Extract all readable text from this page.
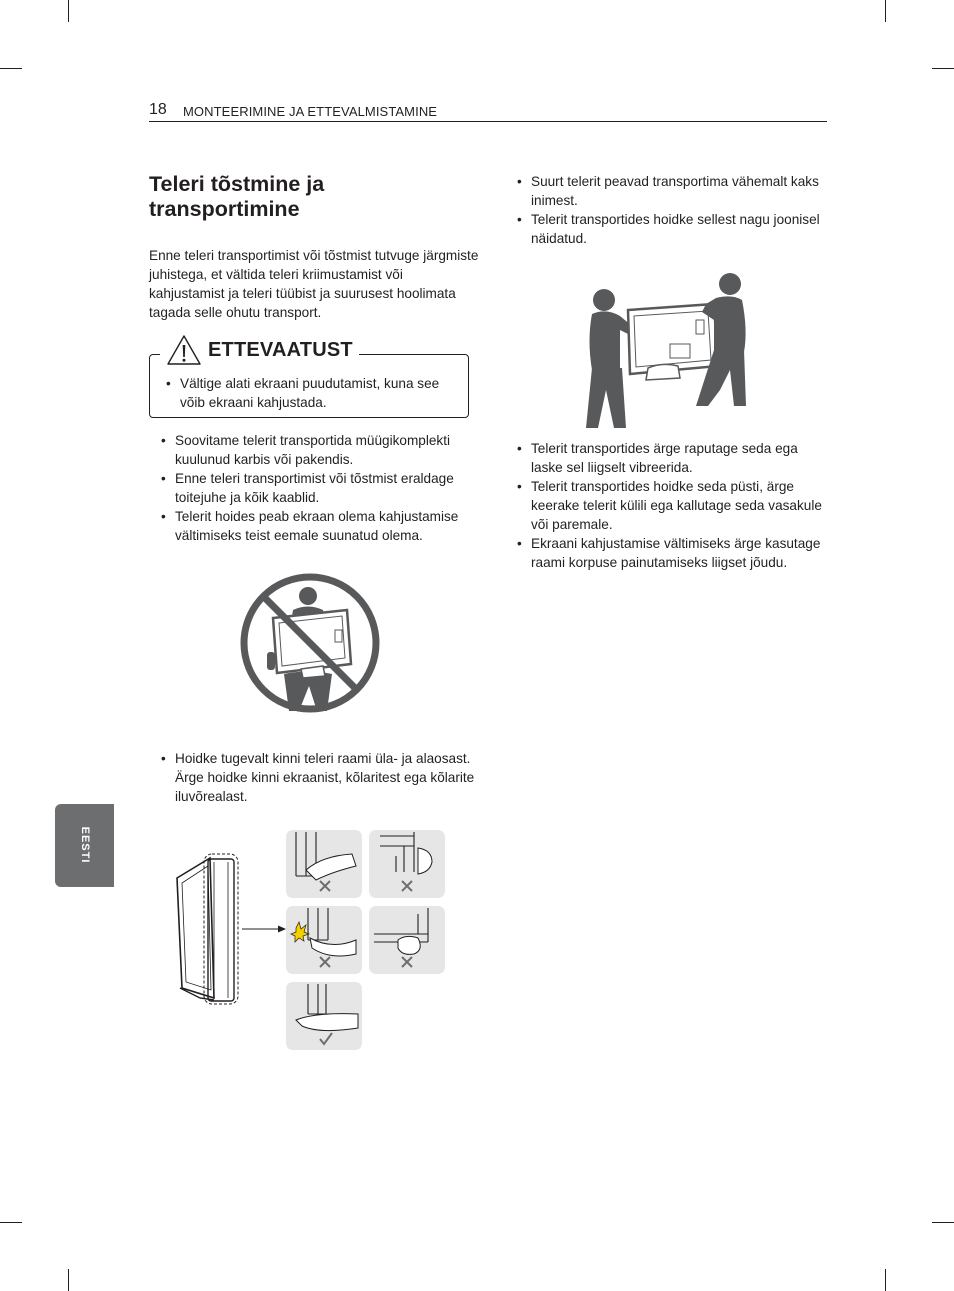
18 MONTEERIMINE JA ETTEVALMISTAMINE
Teleri tõstmine ja transportimine
Enne teleri transportimist või tõstmist tutvuge järgmiste juhistega, et vältida teleri kriimustamist või kahjustamist ja teleri tüübist ja suurusest hoolimata tagada selle ohutu transport.
ETTEVAATUST
• Vältige alati ekraani puudutamist, kuna see võib ekraani kahjustada.
• Soovitame telerit transportida müügikomplekti kuulunud karbis või pakendis.
• Enne teleri transportimist või tõstmist eraldage toitejuhe ja kõik kaablid.
• Telerit hoides peab ekraan olema kahjustamise vältimiseks teist eemale suunatud olema.
• Hoidke tugevalt kinni teleri raami üla- ja alaosast. Ärge hoidke kinni ekraanist, kõlaritest ega kõlarite iluvõrealast.
EESTI
• Suurt telerit peavad transportima vähemalt kaks inimest.
• Telerit transportides hoidke sellest nagu joonisel näidatud.
• Telerit transportides ärge raputage seda ega laske sel liigselt vibreerida.
• Telerit transportides hoidke seda püsti, ärge keerake telerit külili ega kallutage seda vasakule või paremale.
• Ekraani kahjustamise vältimiseks ärge kasutage raami korpuse painutamiseks liigset jõudu.
